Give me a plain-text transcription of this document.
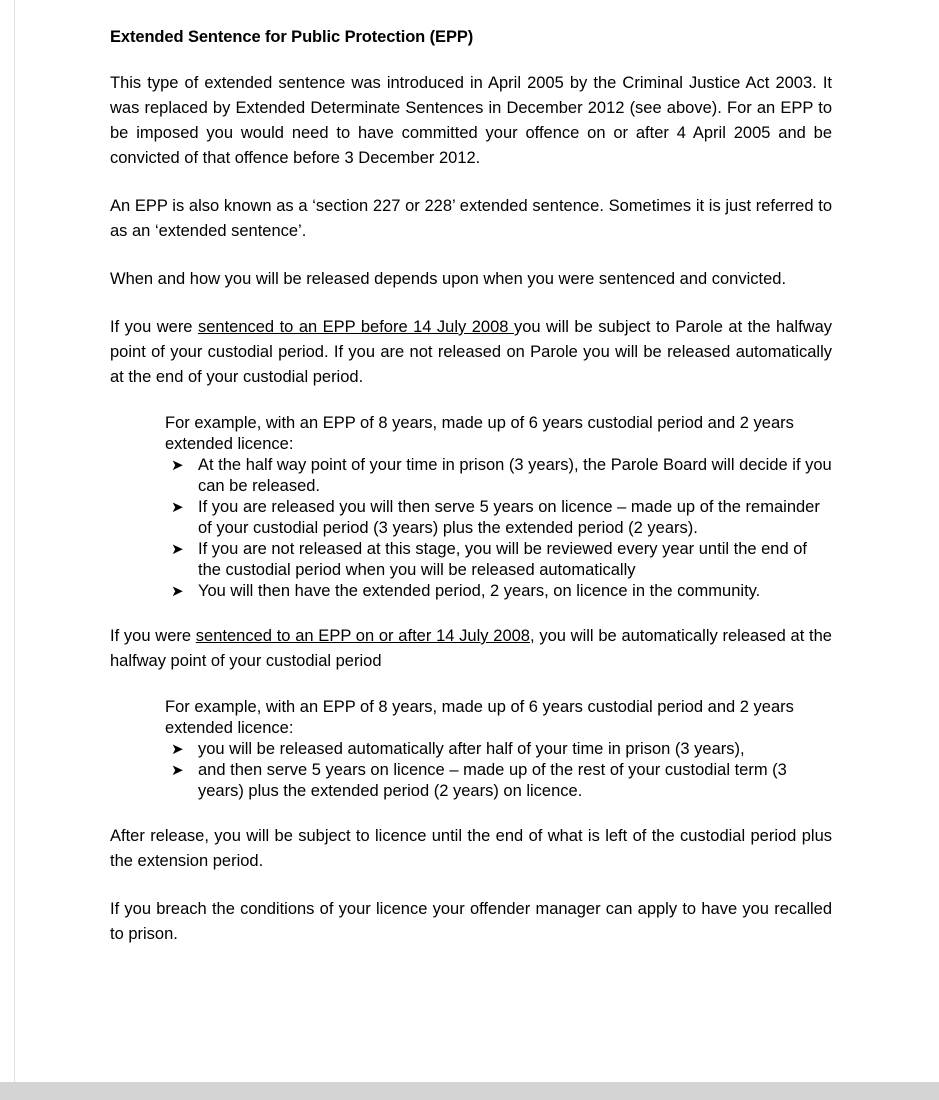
Extended Sentence for Public Protection (EPP)

This type of extended sentence was introduced in April 2005 by the Criminal Justice Act 2003. It was replaced by Extended Determinate Sentences in December 2012 (see above). For an EPP to be imposed you would need to have committed your offence on or after 4 April 2005 and be convicted of that offence before 3 December 2012.

An EPP is also known as a ‘section 227 or 228’ extended sentence. Sometimes it is just referred to as an ‘extended sentence’.

When and how you will be released depends upon when you were sentenced and convicted.

If you were sentenced to an EPP before 14 July 2008 you will be subject to Parole at the halfway point of your custodial period. If you are not released on Parole you will be released automatically at the end of your custodial period.

For example, with an EPP of 8 years, made up of 6 years custodial period and 2 years extended licence:

➤ At the half way point of your time in prison (3 years), the Parole Board will decide if you can be released.
➤ If you are released you will then serve 5 years on licence – made up of the remainder of your custodial period (3 years) plus the extended period (2 years).
➤ If you are not released at this stage, you will be reviewed every year until the end of the custodial period when you will be released automatically
➤ You will then have the extended period, 2 years, on licence in the community.

If you were sentenced to an EPP on or after 14 July 2008, you will be automatically released at the halfway point of your custodial period

For example, with an EPP of 8 years, made up of 6 years custodial period and 2 years extended licence:

➤ you will be released automatically after half of your time in prison (3 years),
➤ and then serve 5 years on licence – made up of the rest of your custodial term (3 years) plus the extended period (2 years) on licence.

After release, you will be subject to licence until the end of what is left of the custodial period plus the extension period.

If you breach the conditions of your licence your offender manager can apply to have you recalled to prison.
